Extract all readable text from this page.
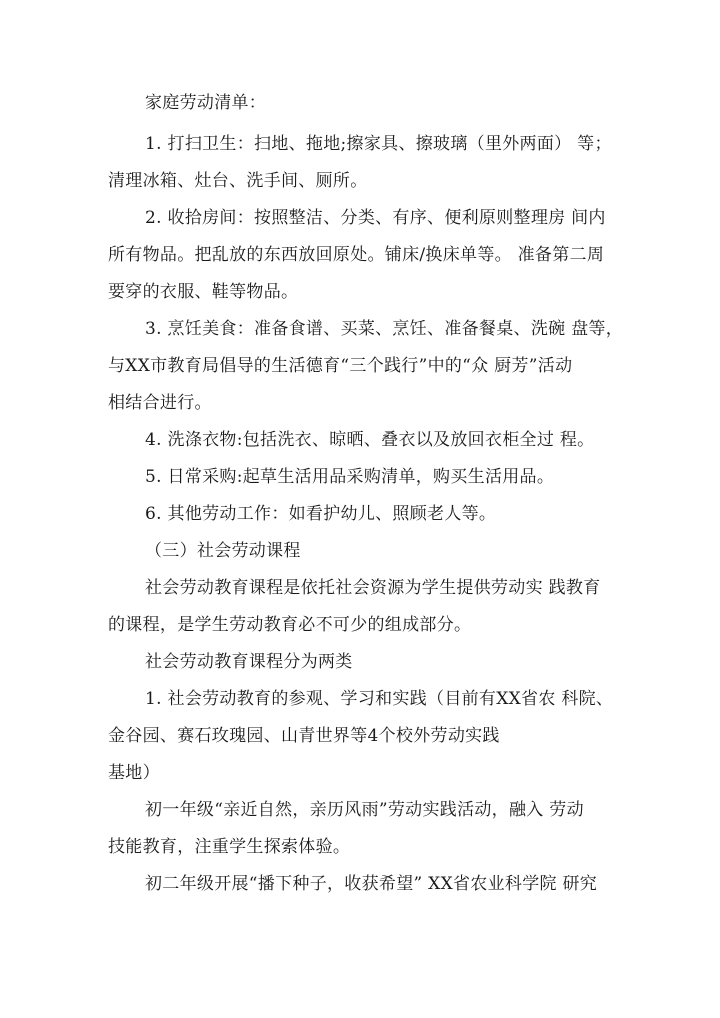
家庭劳动清单：
1. 打扫卫生：扫地、拖地;擦家具、擦玻璃（里外两面） 等；
清理冰箱、灶台、洗手间、厕所。
2. 收拾房间：按照整洁、分类、有序、便利原则整理房 间内
所有物品。把乱放的东西放回原处。铺床/换床单等。 准备第二周
要穿的衣服、鞋等物品。
3. 烹饪美食：准备食谱、买菜、烹饪、准备餐桌、洗碗 盘等，
与XX市教育局倡导的生活德育“三个践行”中的“众 厨芳”活动
相结合进行。
4. 洗涤衣物:包括洗衣、晾晒、叠衣以及放回衣柜全过 程。
5. 日常采购:起草生活用品采购清单，购买生活用品。
6. 其他劳动工作：如看护幼儿、照顾老人等。
（三）社会劳动课程
社会劳动教育课程是依托社会资源为学生提供劳动实 践教育
的课程，是学生劳动教育必不可少的组成部分。
社会劳动教育课程分为两类
1. 社会劳动教育的参观、学习和实践（目前有XX省农 科院、
金谷园、赛石玫瑰园、山青世界等4个校外劳动实践
基地）
初一年级“亲近自然，亲历风雨”劳动实践活动，融入 劳动
技能教育，注重学生探索体验。
初二年级开展“播下种子，收获希望” XX省农业科学院 研究
